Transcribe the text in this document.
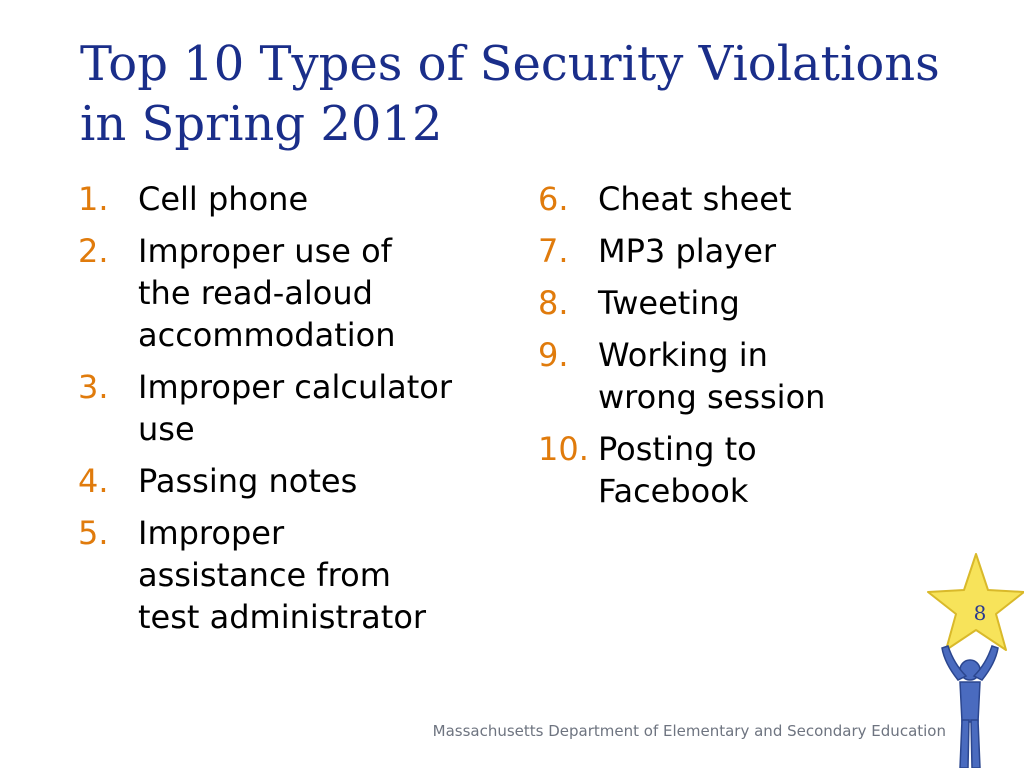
Top 10 Types of Security Violations in Spring 2012
1. Cell phone
2. Improper use of the read-aloud accommodation
3. Improper calculator use
4. Passing notes
5. Improper assistance from test administrator
6. Cheat sheet
7. MP3 player
8. Tweeting
9. Working in wrong session
10. Posting to Facebook
Massachusetts Department of Elementary and Secondary Education
8
